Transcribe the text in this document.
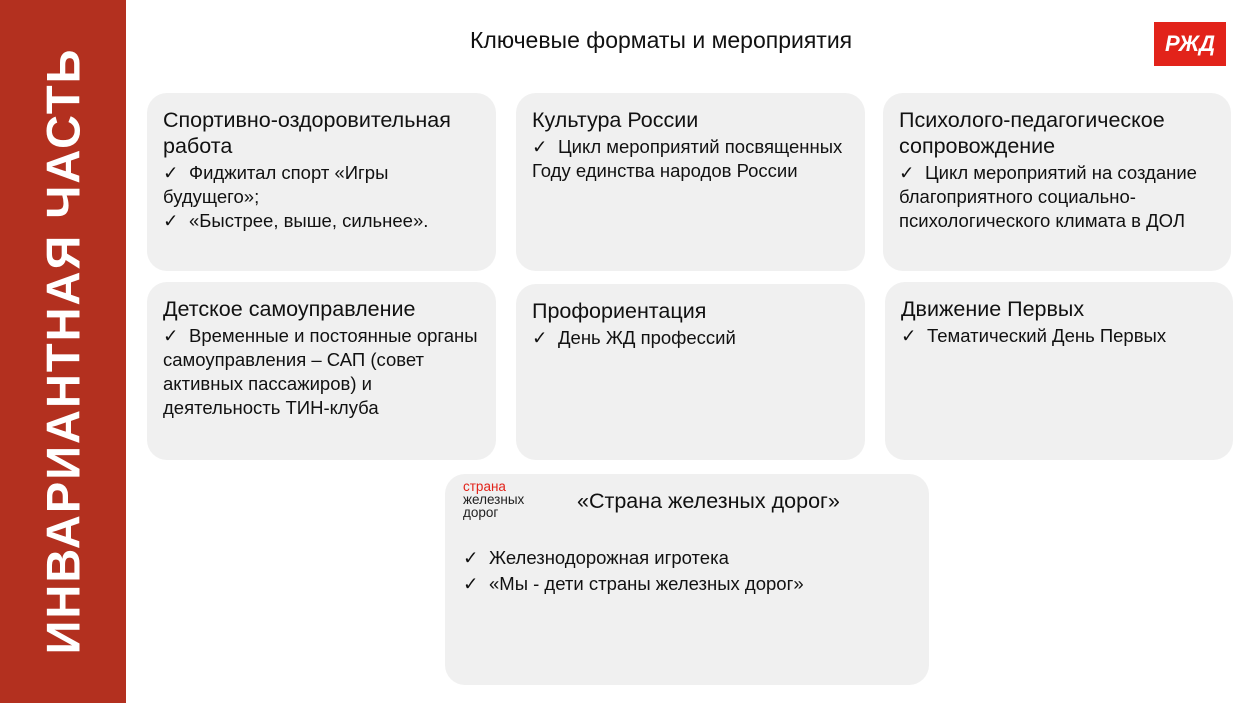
ИНВАРИАНТНАЯ ЧАСТЬ
Ключевые форматы и мероприятия	РЖД

Спортивно-оздоровительная работа

✓ Фиджитал спорт «Игры будущего»;
✓ «Быстрее, выше, сильнее».

Культура России

✓ Цикл мероприятий посвященных Году единства народов России

Психолого-педагогическое сопровождение

✓ Цикл мероприятий на создание благоприятного социально-психологического климата в ДОЛ

Детское самоуправление

✓ Временные и постоянные органы самоуправления – САП (совет активных пассажиров) и деятельность ТИН-клуба

Профориентация

✓ День ЖД профессий

Движение Первых

✓ Тематический День Первых
страна
железных
дорог	«Страна железных дорог»
✓ Железнодорожная игротека
✓ «Мы - дети страны железных дорог»
